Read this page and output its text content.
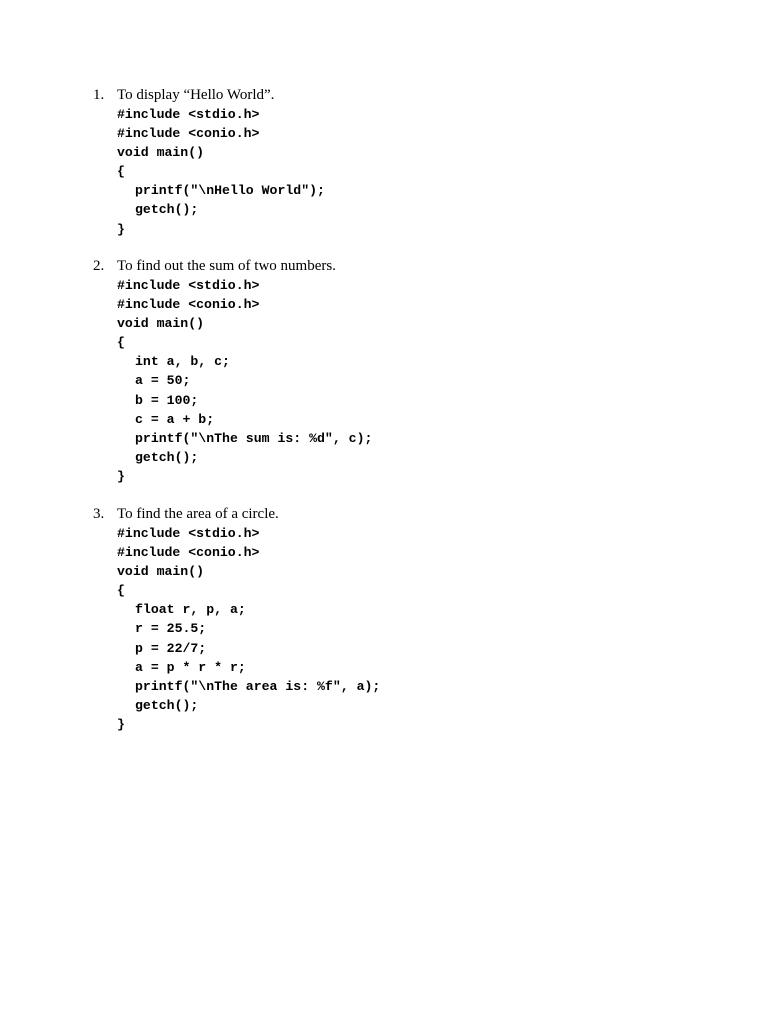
1.

To display “Hello World”.

#include <stdio.h>
#include <conio.h>
void main()
{
printf("\nHello World");
getch();
}

2.

To find out the sum of two numbers.

#include <stdio.h>
#include <conio.h>
void main()
{
int a, b, c;
a = 50;
b = 100;
c = a + b;
printf("\nThe sum is: %d", c);
getch();
}

3.

To find the area of a circle.

#include <stdio.h>
#include <conio.h>
void main()
{
float r, p, a;
r = 25.5;
p = 22/7;
a = p * r * r;
printf("\nThe area is: %f", a);
getch();
}
